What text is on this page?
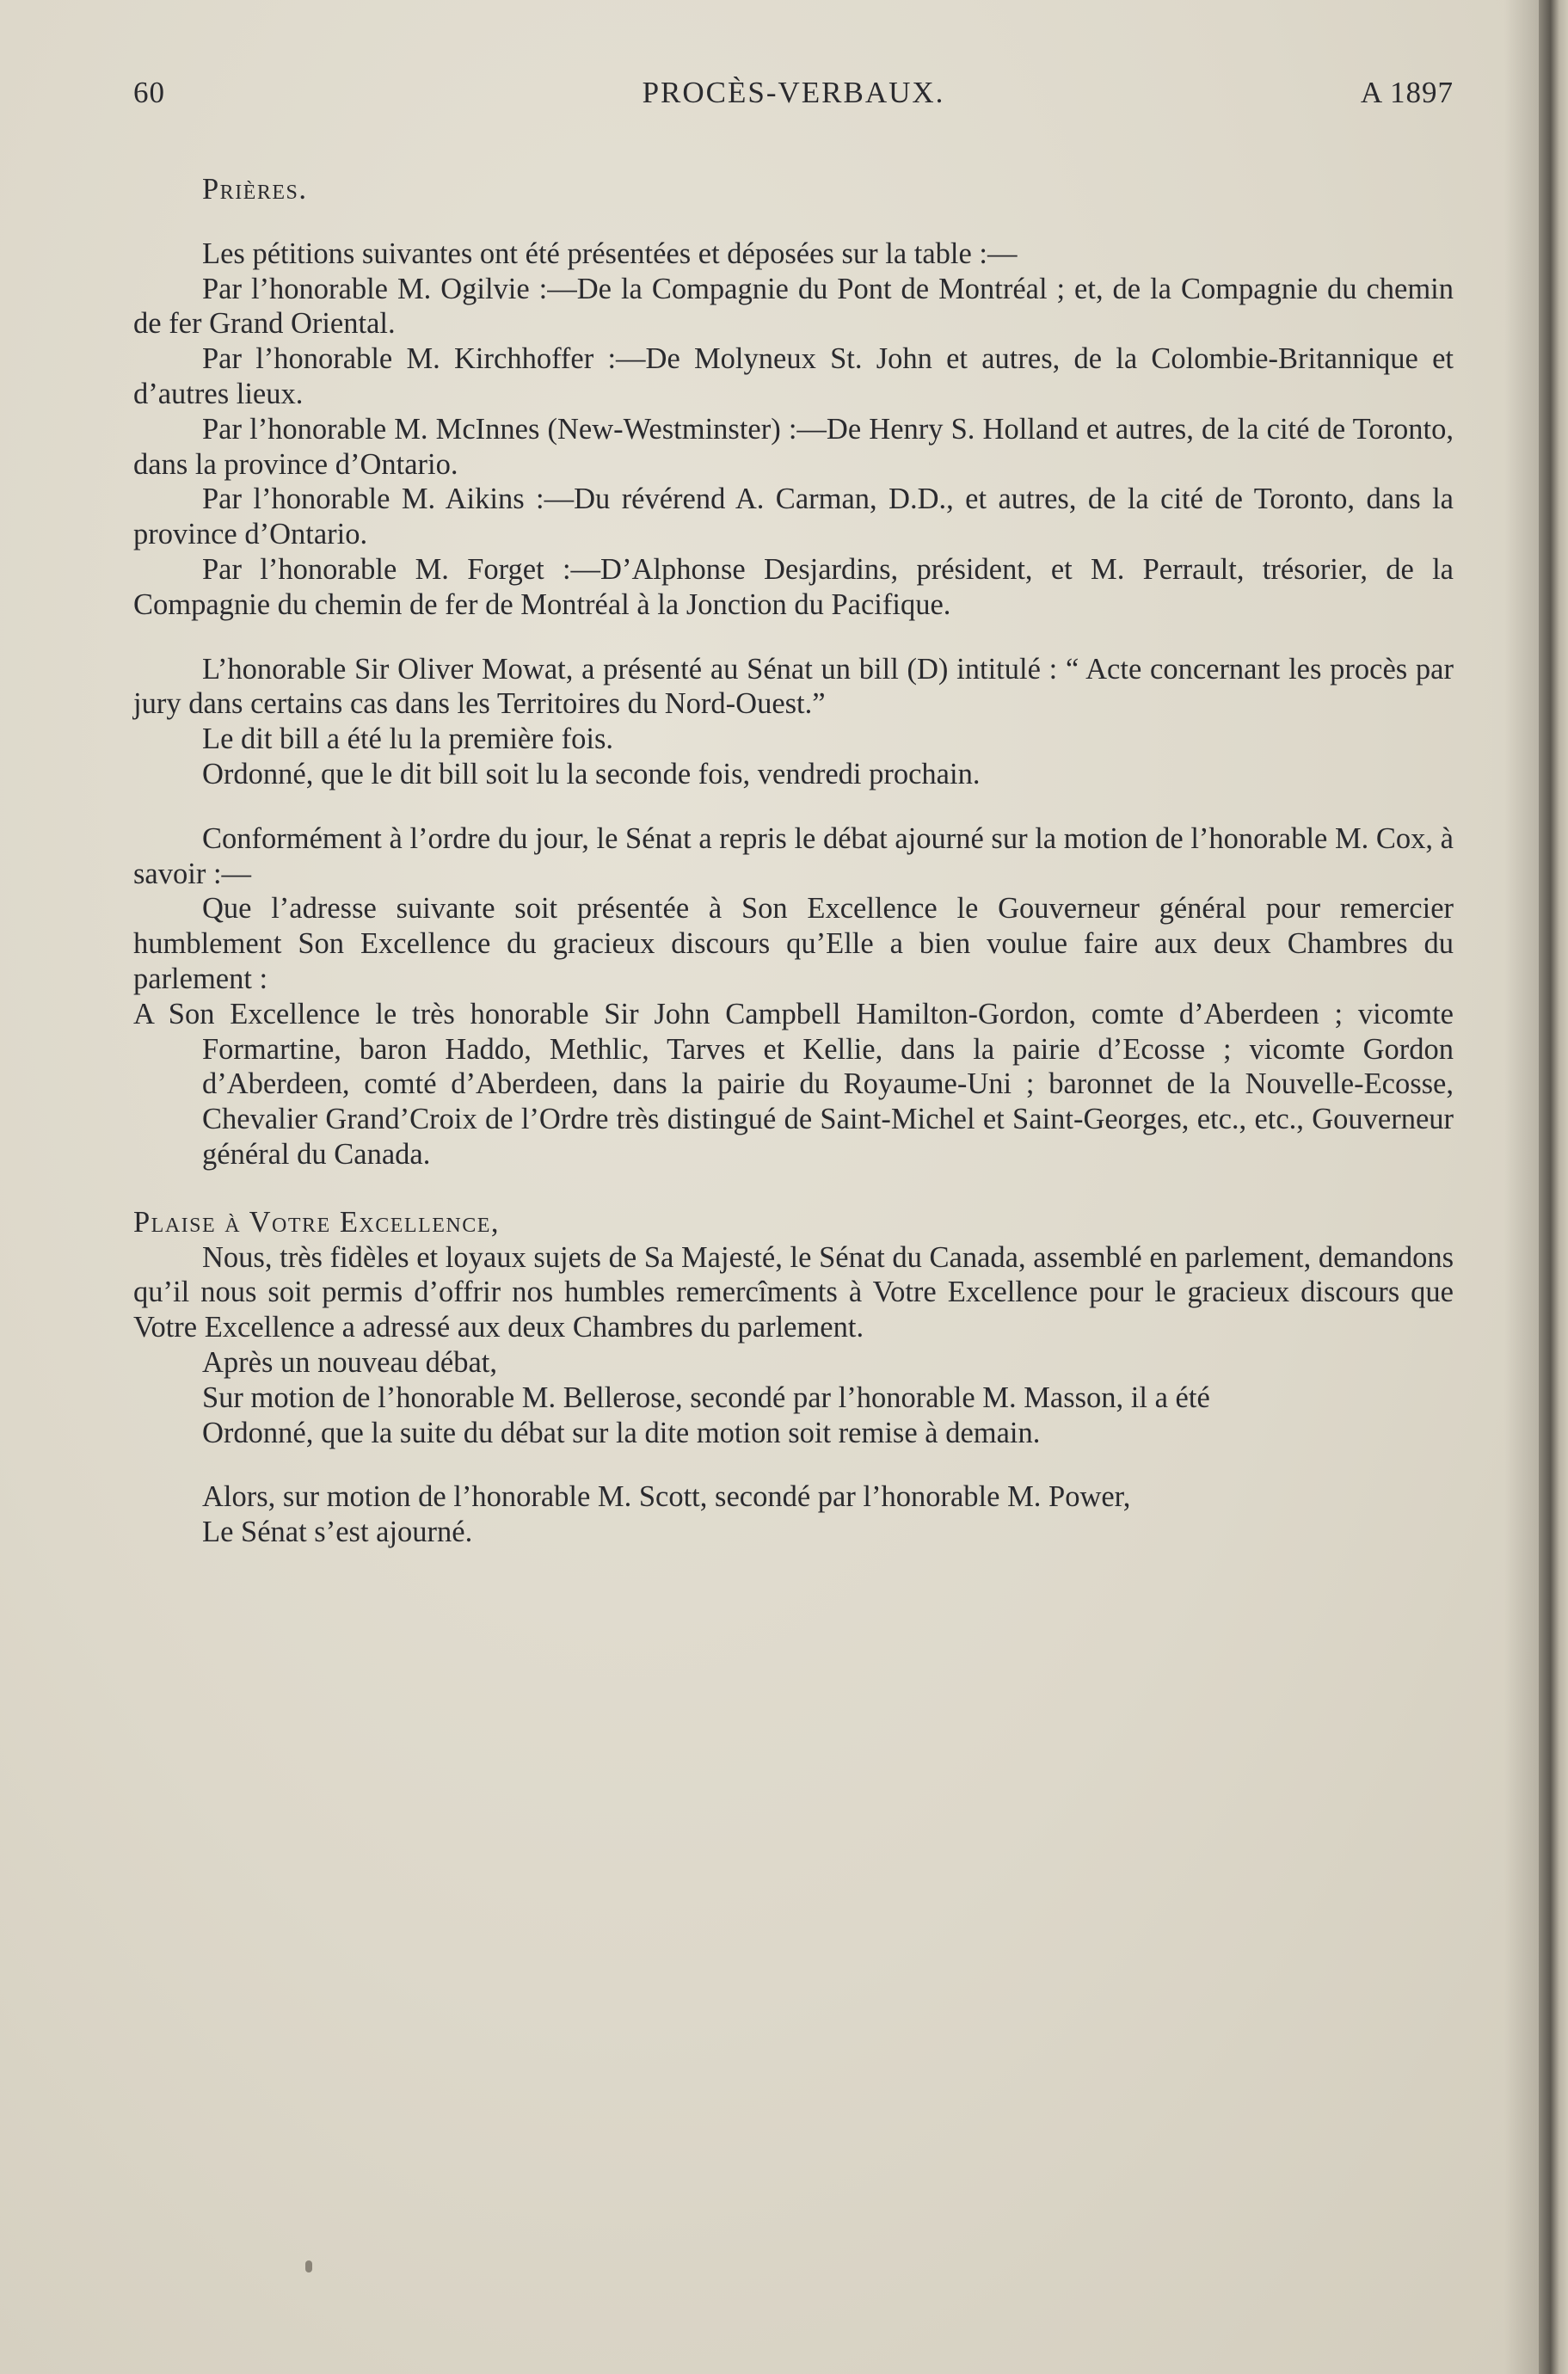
60	PROCÈS-VERBAUX.	A 1897

Prières.

Les pétitions suivantes ont été présentées et déposées sur la table :—

Par l’honorable M. Ogilvie :—De la Compagnie du Pont de Montréal ; et, de la Compagnie du chemin de fer Grand Oriental.

Par l’honorable M. Kirchhoffer :—De Molyneux St. John et autres, de la Colombie-Britannique et d’autres lieux.

Par l’honorable M. McInnes (New-Westminster) :—De Henry S. Holland et autres, de la cité de Toronto, dans la province d’Ontario.

Par l’honorable M. Aikins :—Du révérend A. Carman, D.D., et autres, de la cité de Toronto, dans la province d’Ontario.

Par l’honorable M. Forget :—D’Alphonse Desjardins, président, et M. Perrault, trésorier, de la Compagnie du chemin de fer de Montréal à la Jonction du Pacifique.

L’honorable Sir Oliver Mowat, a présenté au Sénat un bill (D) intitulé : “ Acte concernant les procès par jury dans certains cas dans les Territoires du Nord-Ouest.”

Le dit bill a été lu la première fois.

Ordonné, que le dit bill soit lu la seconde fois, vendredi prochain.

Conformément à l’ordre du jour, le Sénat a repris le débat ajourné sur la motion de l’honorable M. Cox, à savoir :—

Que l’adresse suivante soit présentée à Son Excellence le Gouverneur général pour remercier humblement Son Excellence du gracieux discours qu’Elle a bien voulue faire aux deux Chambres du parlement :

A Son Excellence le très honorable Sir John Campbell Hamilton-Gordon, comte d’Aberdeen ; vicomte Formartine, baron Haddo, Methlic, Tarves et Kellie, dans la pairie d’Ecosse ; vicomte Gordon d’Aberdeen, comté d’Aberdeen, dans la pairie du Royaume-Uni ; baronnet de la Nouvelle-Ecosse, Chevalier Grand’Croix de l’Ordre très distingué de Saint-Michel et Saint-Georges, etc., etc., Gouverneur général du Canada.

Plaise à Votre Excellence,

Nous, très fidèles et loyaux sujets de Sa Majesté, le Sénat du Canada, assemblé en parlement, demandons qu’il nous soit permis d’offrir nos humbles remercîments à Votre Excellence pour le gracieux discours que Votre Excellence a adressé aux deux Chambres du parlement.

Après un nouveau débat,

Sur motion de l’honorable M. Bellerose, secondé par l’honorable M. Masson, il a été

Ordonné, que la suite du débat sur la dite motion soit remise à demain.

Alors, sur motion de l’honorable M. Scott, secondé par l’honorable M. Power,

Le Sénat s’est ajourné.
